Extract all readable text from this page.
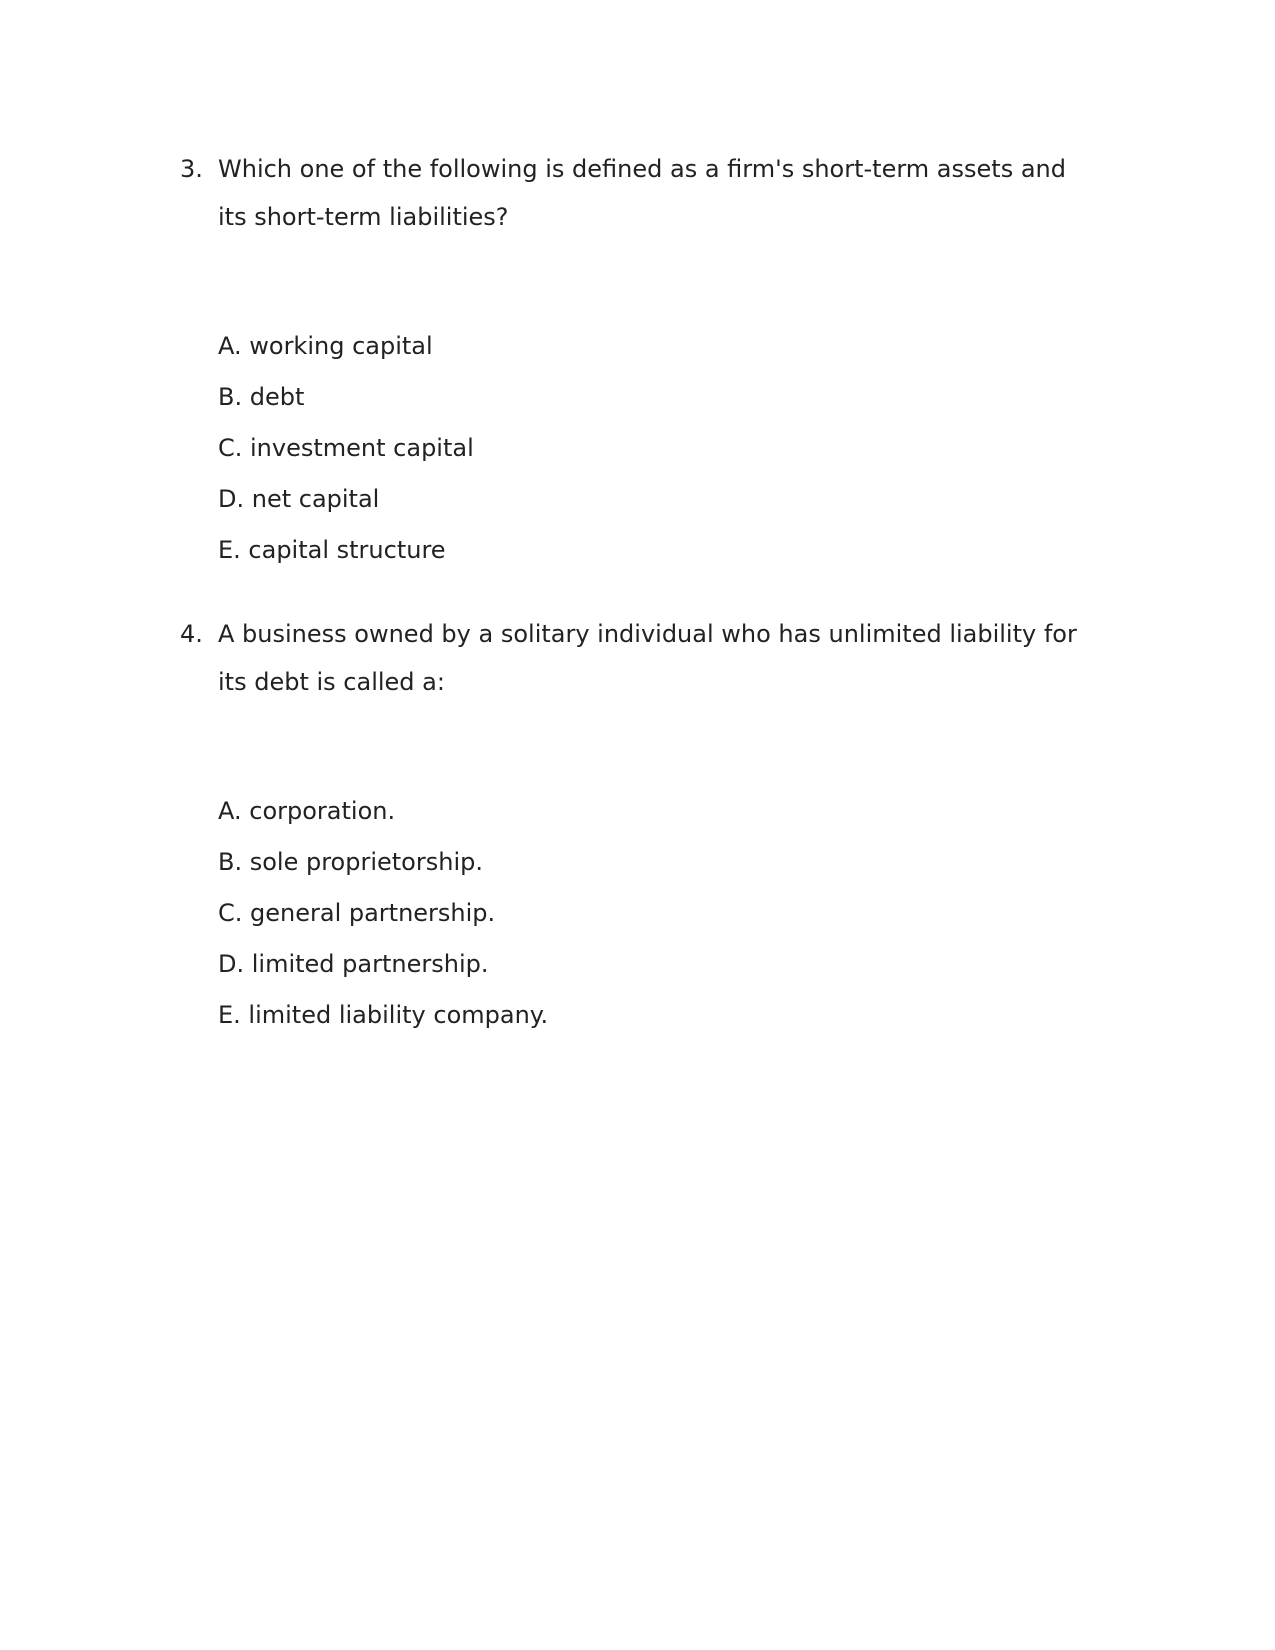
3. Which one of the following is defined as a firm's short-term assets and its short-term liabilities?

A. working capital
B. debt
C. investment capital
D. net capital
E. capital structure
4. A business owned by a solitary individual who has unlimited liability for its debt is called a:

A. corporation.
B. sole proprietorship.
C. general partnership.
D. limited partnership.
E. limited liability company.
